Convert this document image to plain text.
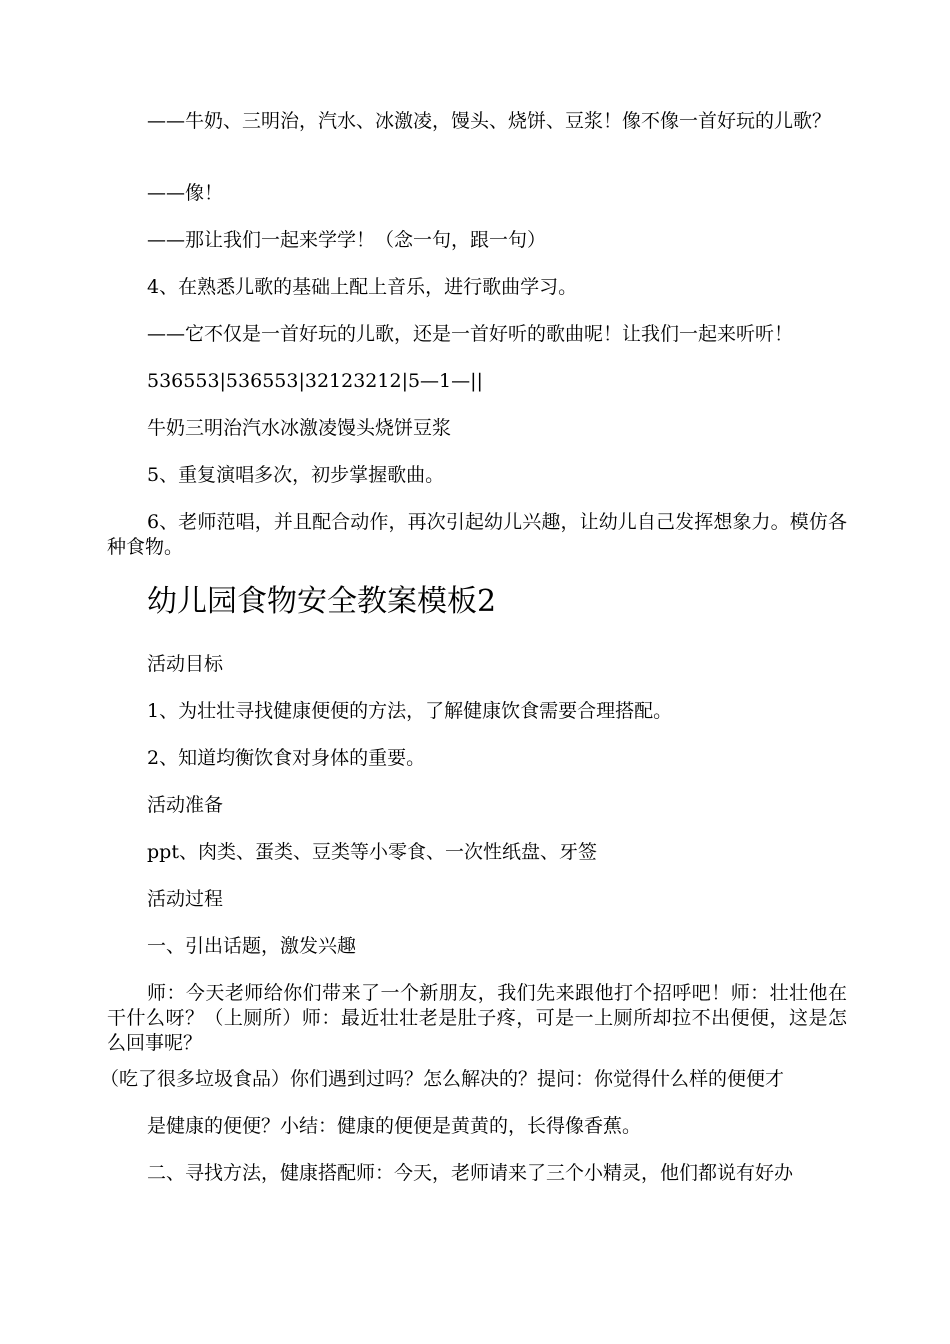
——牛奶、三明治，汽水、冰激凌，馒头、烧饼、豆浆！像不像一首好玩的儿歌？

——像！

——那让我们一起来学学！（念一句，跟一句）

4、在熟悉儿歌的基础上配上音乐，进行歌曲学习。

——它不仅是一首好玩的儿歌，还是一首好听的歌曲呢！让我们一起来听听！

536553|536553|32123212|5—1—||

牛奶三明治汽水冰激凌馒头烧饼豆浆

5、重复演唱多次，初步掌握歌曲。

6、老师范唱，并且配合动作，再次引起幼儿兴趣，让幼儿自己发挥想象力。模仿各种食物。

幼儿园食物安全教案模板2

活动目标

1、为壮壮寻找健康便便的方法，了解健康饮食需要合理搭配。

2、知道均衡饮食对身体的重要。

活动准备

ppt、肉类、蛋类、豆类等小零食、一次性纸盘、牙签

活动过程

一、引出话题，激发兴趣

师：今天老师给你们带来了一个新朋友，我们先来跟他打个招呼吧！师：壮壮他在干什么呀？（上厕所）师：最近壮壮老是肚子疼，可是一上厕所却拉不出便便，这是怎么回事呢？

（吃了很多垃圾食品）你们遇到过吗？怎么解决的？提问：你觉得什么样的便便才

是健康的便便？小结：健康的便便是黄黄的，长得像香蕉。

二、寻找方法，健康搭配师：今天，老师请来了三个小精灵，他们都说有好办
